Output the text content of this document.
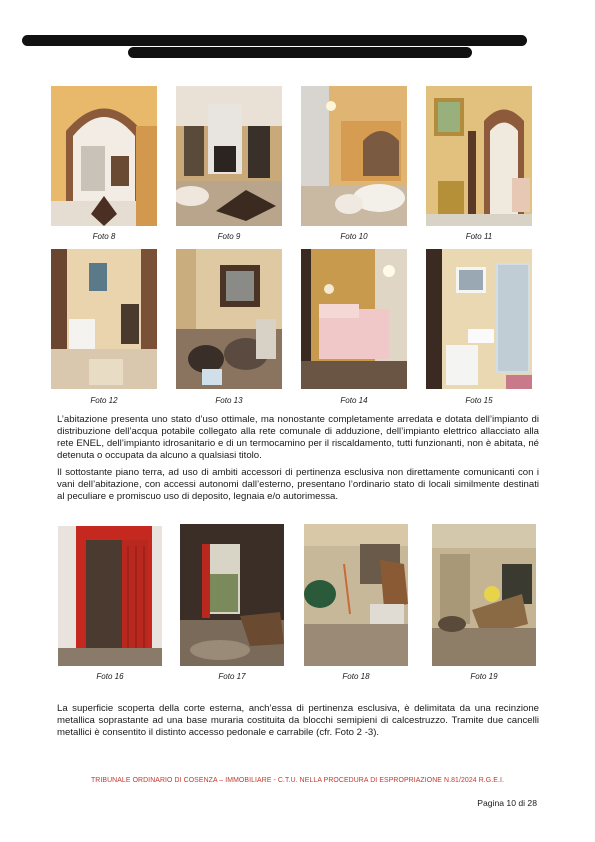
Foto 8	Foto 9	Foto 10	Foto 11
Foto 12	Foto 13	Foto 14	Foto 15
L’abitazione presenta uno stato d’uso ottimale, ma nonostante completamente arredata e dotata dell’impianto di distribuzione dell’acqua potabile collegato alla rete comunale di adduzione, dell’impianto elettrico allacciato alla rete ENEL, dell’impianto idrosanitario e di un termocamino per il riscaldamento, tutti funzionanti, non è abitata, né detenuta o occupata da alcuno a qualsiasi titolo.
Il sottostante piano terra, ad uso di ambiti accessori di pertinenza esclusiva non direttamente comunicanti con i vani dell’abitazione, con accessi autonomi dall’esterno, presentano l’ordinario stato di locali similmente destinati al peculiare e promiscuo uso di deposito, legnaia e/o autorimessa.
Foto 16	Foto 17	Foto 18	Foto 19
La superficie scoperta della corte esterna, anch’essa di pertinenza esclusiva, è delimitata da una recinzione metallica soprastante ad una base muraria costituita da blocchi semipieni di calcestruzzo. Tramite due cancelli metallici è consentito il distinto accesso pedonale e carrabile (cfr. Foto 2 -3).
TRIBUNALE ORDINARIO DI COSENZA – IMMOBILIARE - C.T.U. NELLA PROCEDURA DI ESPROPRIAZIONE N.81/2024 R.G.E.I.
Pagina 10 di 28
